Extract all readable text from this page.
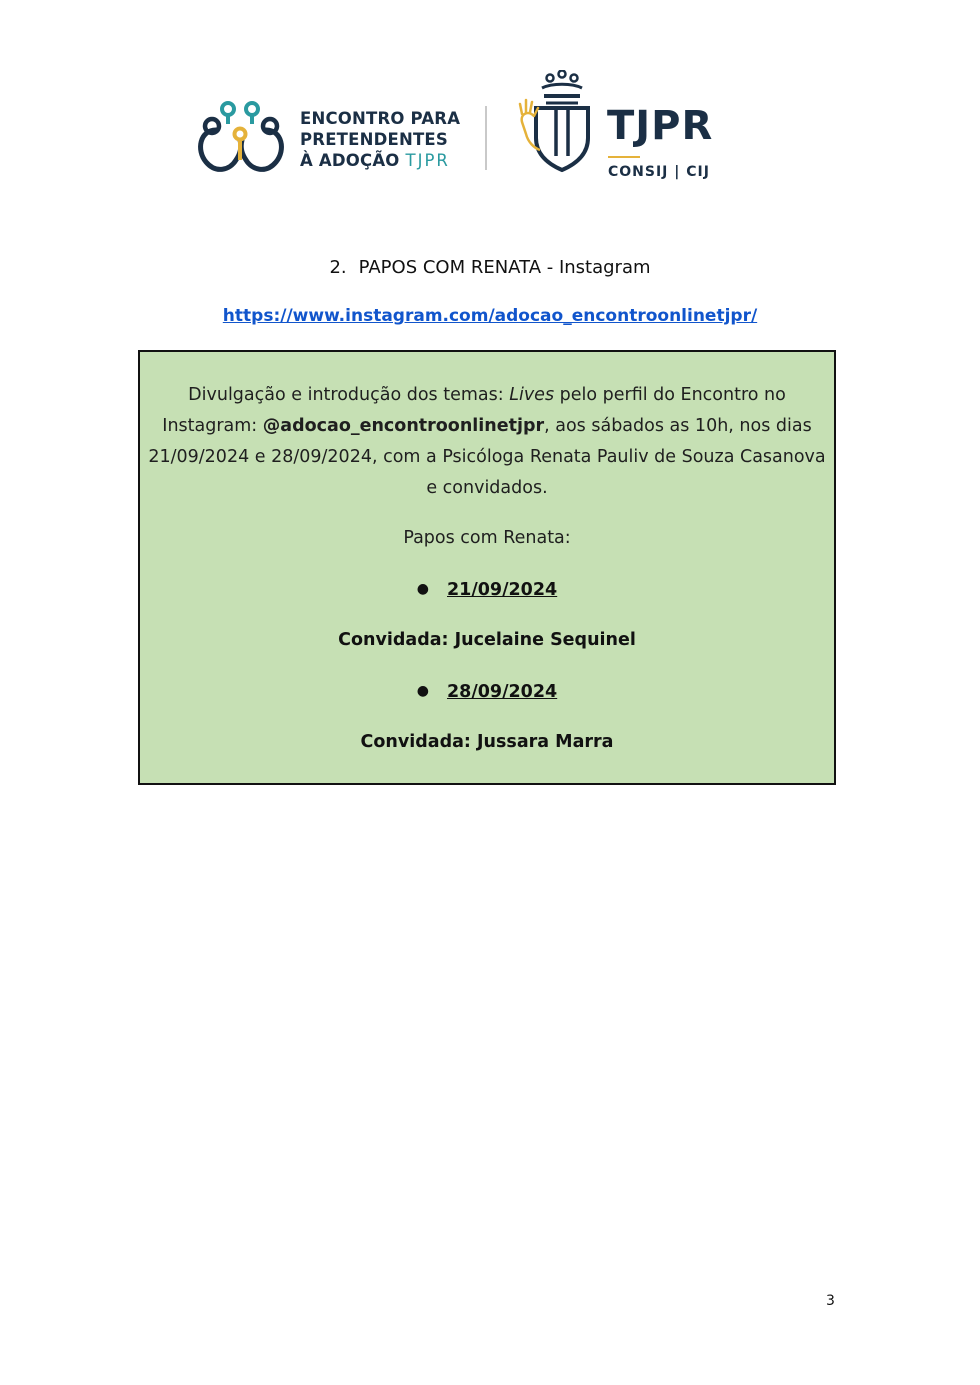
ENCONTRO PARA
PRETENDENTES
À ADOÇÃO TJPR
TJPR
CONSIJ | CIJ
2. PAPOS COM RENATA - Instagram
https://www.instagram.com/adocao_encontroonlinetjpr/
Divulgação e introdução dos temas: Lives pelo perfil do Encontro no Instagram: @adocao_encontroonlinetjpr, aos sábados as 10h, nos dias 21/09/2024 e 28/09/2024, com a Psicóloga Renata Pauliv de Souza Casanova e convidados.
Papos com Renata:
● 21/09/2024
Convidada: Jucelaine Sequinel
● 28/09/2024
Convidada: Jussara Marra
3
